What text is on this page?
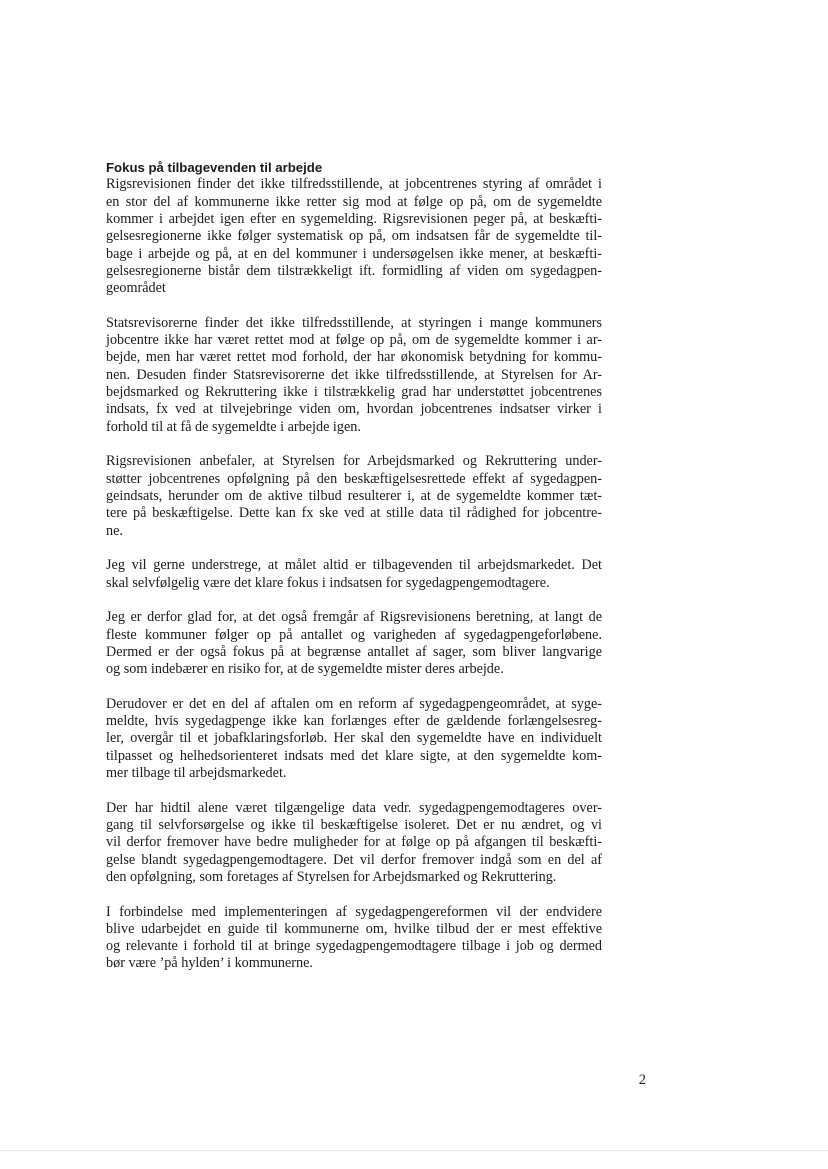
Fokus på tilbagevenden til arbejde

Rigsrevisionen finder det ikke tilfredsstillende, at jobcentrenes styring af området i
en stor del af kommunerne ikke retter sig mod at følge op på, om de sygemeldte
kommer i arbejdet igen efter en sygemelding. Rigsrevisionen peger på, at beskæfti-
gelsesregionerne ikke følger systematisk op på, om indsatsen får de sygemeldte til-
bage i arbejde og på, at en del kommuner i undersøgelsen ikke mener, at beskæfti-
gelsesregionerne bistår dem tilstrækkeligt ift. formidling af viden om sygedagpen-
geområdet

Statsrevisorerne finder det ikke tilfredsstillende, at styringen i mange kommuners
jobcentre ikke har været rettet mod at følge op på, om de sygemeldte kommer i ar-
bejde, men har været rettet mod forhold, der har økonomisk betydning for kommu-
nen. Desuden finder Statsrevisorerne det ikke tilfredsstillende, at Styrelsen for Ar-
bejdsmarked og Rekruttering ikke i tilstrækkelig grad har understøttet jobcentrenes
indsats, fx ved at tilvejebringe viden om, hvordan jobcentrenes indsatser virker i
forhold til at få de sygemeldte i arbejde igen.

Rigsrevisionen anbefaler, at Styrelsen for Arbejdsmarked og Rekruttering under-
støtter jobcentrenes opfølgning på den beskæftigelsesrettede effekt af sygedagpen-
geindsats, herunder om de aktive tilbud resulterer i, at de sygemeldte kommer tæt-
tere på beskæftigelse. Dette kan fx ske ved at stille data til rådighed for jobcentre-
ne.

Jeg vil gerne understrege, at målet altid er tilbagevenden til arbejdsmarkedet. Det
skal selvfølgelig være det klare fokus i indsatsen for sygedagpengemodtagere.

Jeg er derfor glad for, at det også fremgår af Rigsrevisionens beretning, at langt de
fleste kommuner følger op på antallet og varigheden af sygedagpengeforløbene.
Dermed er der også fokus på at begrænse antallet af sager, som bliver langvarige
og som indebærer en risiko for, at de sygemeldte mister deres arbejde.

Derudover er det en del af aftalen om en reform af sygedagpengeområdet, at syge-
meldte, hvis sygedagpenge ikke kan forlænges efter de gældende forlængelsesreg-
ler, overgår til et jobafklaringsforløb. Her skal den sygemeldte have en individuelt
tilpasset og helhedsorienteret indsats med det klare sigte, at den sygemeldte kom-
mer tilbage til arbejdsmarkedet.

Der har hidtil alene været tilgængelige data vedr. sygedagpengemodtageres over-
gang til selvforsørgelse og ikke til beskæftigelse isoleret. Det er nu ændret, og vi
vil derfor fremover have bedre muligheder for at følge op på afgangen til beskæfti-
gelse blandt sygedagpengemodtagere. Det vil derfor fremover indgå som en del af
den opfølgning, som foretages af Styrelsen for Arbejdsmarked og Rekruttering.

I forbindelse med implementeringen af sygedagpengereformen vil der endvidere
blive udarbejdet en guide til kommunerne om, hvilke tilbud der er mest effektive
og relevante i forhold til at bringe sygedagpengemodtagere tilbage i job og dermed
bør være ’på hylden’ i kommunerne.

2
